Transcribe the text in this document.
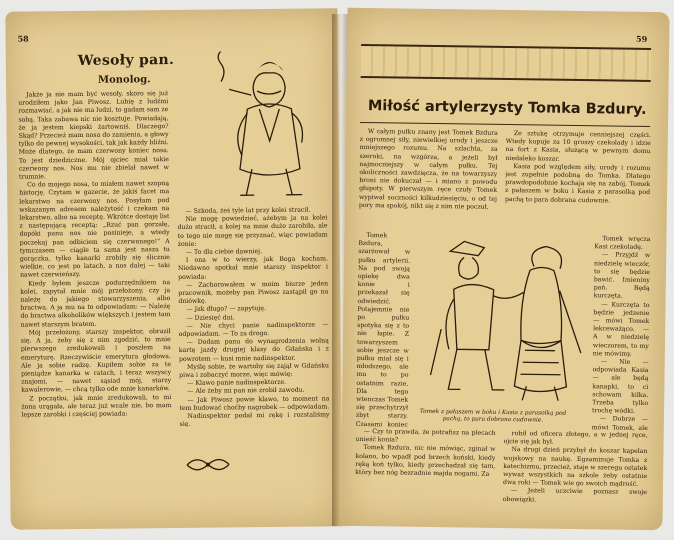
58
Wesoły pan.
Monolog.

Jakże ja nie mam być wesoły, skoro się już urodziłem jako Jan Piwosz. Lubię z ludźmi rozmawiać, a jak nie ma ludzi, to gadam sam ze sobą. Taka zabawa nic nie kosztuje. Powiadają, że ja jestem kiepski żartowniś. Dlaczego? Skąd? Przecież mam nosa do zamienia, a głowy tylko do pewnej wysokości, tak jak każdy bliźni. Może dlatego, że mam czerwony koniec nosa. To jest dziedziczne. Mój ojciec miał takie czerwony nos. Nos mu nie zbielał nawet w trumnie.

Co do mojego nosa, to miałem nawet szopną historję. Czytam w gazecie, że jakiś facet ma lekarstwo na czerwony nos. Posyłam pod wskazanym adresem należytość i czekam na lekarstwo, albo na receptę. Wkrótce dostaję list z następującą receptą: „Rzuć pan gorzałę, dopóki panu nos nie posinieje, a wtedy poczekaj pan odbiciem się czerwonego!" A tymczasem — ciągle ta sama jest nasza tu gorączka, tylko kanarki zrobiły się ślicznie wielkie, co jest po latach, a nos dalej — taki nawet czerwieńszy.

Kiedy byłem jeszcze podurzędnikiem na kolei, zapytał mnie mój przełożony, czy ja należę do jakiego stowarzyszenia, albo bractwa. A ja mu na to odpowiadam: — Należę do bractwa alkoholików większych i jestem tam nawet starszym bratem.

Mój przełożony, starszy inspektor, obraził się. A ja, żeby się z nim zgodzić, to mnie pierwszego zredukowali i poszłem na emeryturę. Rzeczywiście emerytura głodowa. Ale ja sobie radzę. Kupiłem sobie za te pieniądze kanarka w ratach, i teraz wszyscy znajomi, — nawet sąsiad mój, starzy kawalerowie, — chcą tylko ode mnie kanarków.

Z początku, jak mnie zredukowali, to mi żona urągała, ale teraz już wcale nie, bo mam lepsze zarobki i częściej powiada:

— Szkoda, żeś tyle lat przy kolei stracił.

Nie mogę powiedzieć, ażebym ja na kolei dużo stracił, a kolej na mnie dużo zarobiła, ale to tego nie mogę się przyznać, więc powiadam żonie:

— To dla ciebie dawniej.

I ona w to wierzy, jak Boga kocham. Niedawno spotkał mnie starszy inspektor i powiada:

— Zachorowałem w moim biurze jeden pracownik, możeby pan Piwosz zastąpił go na dniówkę.

— Jak długo? — zapytuję.

— Dziesięć dni.

— Nie chyci panie nadinspektorze — odpowiadam. — To za drogo.

— Dodam panu do wynagrodzenia wolną kartę jazdy drugiej klasy do Gdańska i z powrotem — kusi mnie nadinspektor.

Myślę sobie, że wartoby się zajął w Gdańsku piwa i zobaczyć morze, więc mówię:

— Klawo panie nadinspektorze.

— Ale żeby mi pan nie zrobił zawodu.

— Jak Piwosz powie klawo, to moment na tem budować choćby nagrobek — odpowiadam.

Nadinspektor podał mi rękę i rozstaliśmy się.

59
Miłość artylerzysty Tomka Bzdury.

W całym pułku znany jest Tomek Bzdura z ogromnej siły, niewielkiej urody i jeszcze mniejszego rozumu. Na szlachta, za szeroki, na wzgórza, a jeżeli był najmocniejszy w całym pułku. Tej okoliczności zawdzięcza, że na towarzyszy broni nie dokuczał — i miano z powodu głupoty. W pierwszym ręce czuły Tomek wypiwał soczności kilkudziesięciu, o od tej pory ma spokój, nikt się z nim nie poczuł.

Ze sztukę otrzymuje cenniejszej części. Wtedy kupuje za 10 groszy czekolady i idzie na fort z Kasia, służącą w pewnym domu niedaleko koszar.

Kasia pod względem siły, urody i rozumu jest zupełnie podobną do Tomka. Dlatego prawdopodobnie kochają się na zabój. Tomek z pałaszem w boku i Kasia z parasolką pod pachą to para dobrana cudownie.

Tomek Bzdura, szarżował w pułku artylerii. Na pod swoją opiekę dwa konie i przekazał się odwiedzić. Potajemnie nie po pułku spotyka się z to nie łapie. Z towarzyszem sobie jeszcze w pułku miał się i młodszego, ale mu to po ostatnim razie. Dla tego wtenczas Tomek się przechytrzył zbyt starzy. Czasami koniec

Tomek z pałaszem w boku i Kasia z parasolką pod pachą, to para dobrana cudownie.

— Czy to prawda, że potrafisz na plecach unieść konia?

Tomek Bzdura, nic nie mówiąc, zginał w kolano, bo wpadł pod brzech koński, kiedy ręką koń tylko, kiedy przechadzał się tam, który bez nóg bezradnie majda nogami. Za

Tomek wręcza Kasi czekoladę.

— Przyjdź w niedzielę wieczór, to się będzie bawić. Imieniny pań. Będą kurczęta.

— Kurczęta to będzie jedzenie — mówi Tomek lekceważąco. — A w niedzielę wieczorem, to my nie mówimy.

— Nie — odpowiada Kasia — ale będą kanapki, to ci schowam kilka. Trzeba tylko trochę wódki.

— Dobrze — mówi Tomek, ale

robił od oficera złotego, a w jednej ręce, ojcie się jak był.

Na drugi dzień przybył do koszar kapelan wojskowy na naukę. Egzaminuje Tomka z katechizmu, przecież, staje w szeregu ostatek wyważ wszystkich na szkole żeby ostatnie dwa roki — Tomek wie go swoich mądrość.

— Jeżeli uczciwie poznasz swoje obowiązki.
